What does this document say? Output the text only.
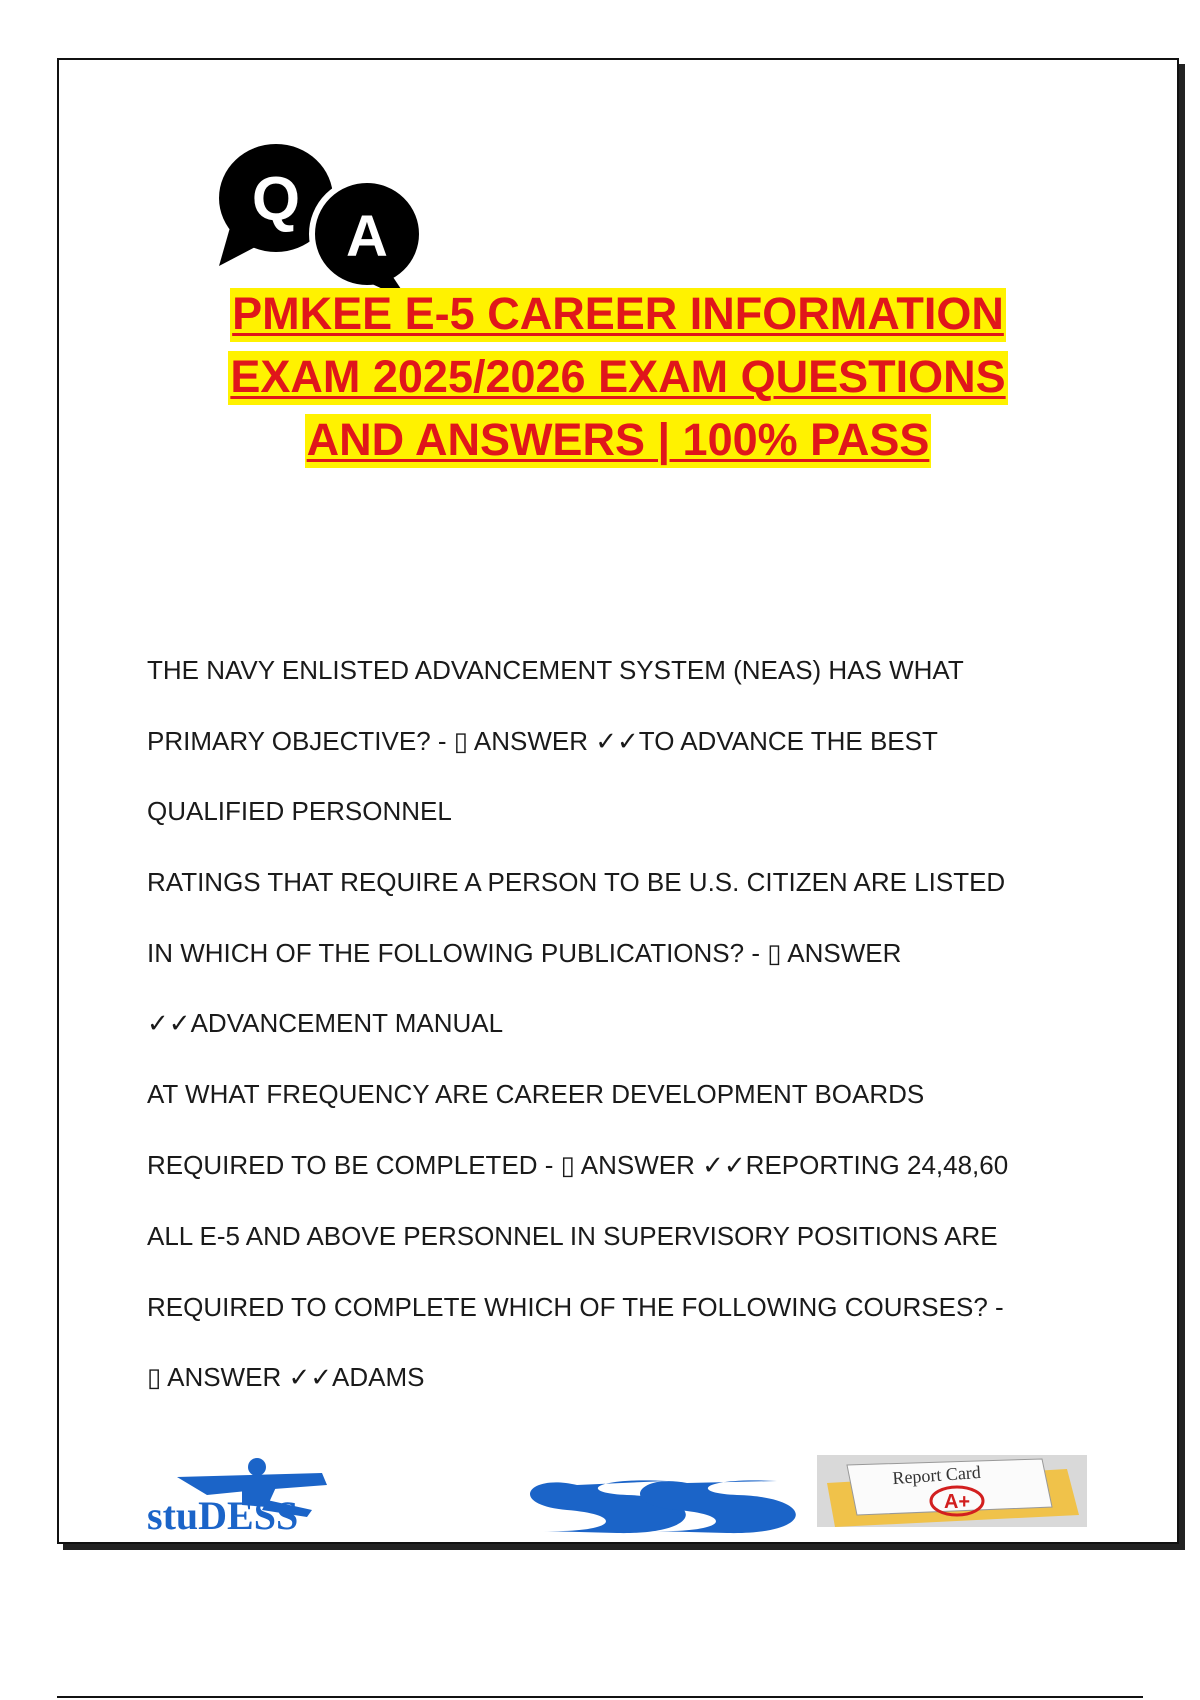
Q
A
PMKEE E-5 CAREER INFORMATION
EXAM 2025/2026 EXAM QUESTIONS
AND ANSWERS | 100% PASS
THE NAVY ENLISTED ADVANCEMENT SYSTEM (NEAS) HAS WHAT
PRIMARY OBJECTIVE? - ▯ ANSWER ✓✓TO ADVANCE THE BEST
QUALIFIED PERSONNEL
RATINGS THAT REQUIRE A PERSON TO BE U.S. CITIZEN ARE LISTED
IN WHICH OF THE FOLLOWING PUBLICATIONS? - ▯ ANSWER
✓✓ADVANCEMENT MANUAL
AT WHAT FREQUENCY ARE CAREER DEVELOPMENT BOARDS
REQUIRED TO BE COMPLETED - ▯ ANSWER ✓✓REPORTING 24,48,60
ALL E-5 AND ABOVE PERSONNEL IN SUPERVISORY POSITIONS ARE
REQUIRED TO COMPLETE WHICH OF THE FOLLOWING COURSES? -
▯ ANSWER ✓✓ADAMS
stuDESS
Report Card
A+
